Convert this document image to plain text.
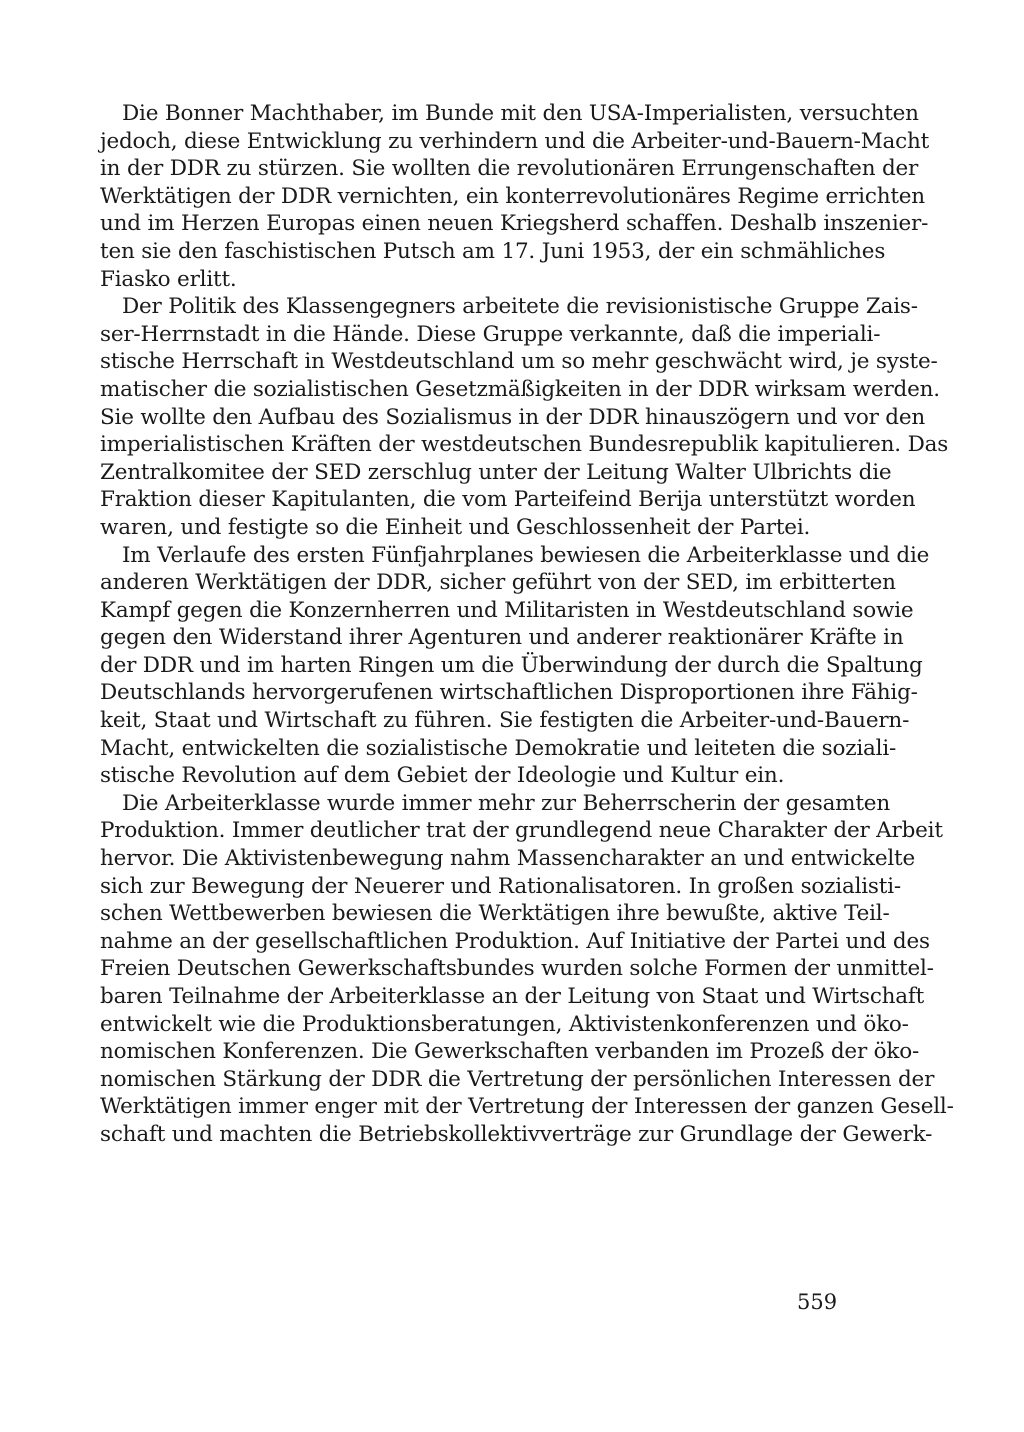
Die Bonner Machthaber, im Bunde mit den USA-Imperialisten, versuchten
jedoch, diese Entwicklung zu verhindern und die Arbeiter-und-Bauern-Macht
in der DDR zu stürzen. Sie wollten die revolutionären Errungenschaften der
Werktätigen der DDR vernichten, ein konterrevolutionäres Regime errichten
und im Herzen Europas einen neuen Kriegsherd schaffen. Deshalb inszenier-
ten sie den faschistischen Putsch am 17. Juni 1953, der ein schmähliches
Fiasko erlitt.
Der Politik des Klassengegners arbeitete die revisionistische Gruppe Zais-
ser-Herrnstadt in die Hände. Diese Gruppe verkannte, daß die imperiali-
stische Herrschaft in Westdeutschland um so mehr geschwächt wird, je syste-
matischer die sozialistischen Gesetzmäßigkeiten in der DDR wirksam werden.
Sie wollte den Aufbau des Sozialismus in der DDR hinauszögern und vor den
imperialistischen Kräften der westdeutschen Bundesrepublik kapitulieren. Das
Zentralkomitee der SED zerschlug unter der Leitung Walter Ulbrichts die
Fraktion dieser Kapitulanten, die vom Parteifeind Berija unterstützt worden
waren, und festigte so die Einheit und Geschlossenheit der Partei.
Im Verlaufe des ersten Fünfjahrplanes bewiesen die Arbeiterklasse und die
anderen Werktätigen der DDR, sicher geführt von der SED, im erbitterten
Kampf gegen die Konzernherren und Militaristen in Westdeutschland sowie
gegen den Widerstand ihrer Agenturen und anderer reaktionärer Kräfte in
der DDR und im harten Ringen um die Überwindung der durch die Spaltung
Deutschlands hervorgerufenen wirtschaftlichen Disproportionen ihre Fähig-
keit, Staat und Wirtschaft zu führen. Sie festigten die Arbeiter-und-Bauern-
Macht, entwickelten die sozialistische Demokratie und leiteten die soziali-
stische Revolution auf dem Gebiet der Ideologie und Kultur ein.
Die Arbeiterklasse wurde immer mehr zur Beherrscherin der gesamten
Produktion. Immer deutlicher trat der grundlegend neue Charakter der Arbeit
hervor. Die Aktivistenbewegung nahm Massencharakter an und entwickelte
sich zur Bewegung der Neuerer und Rationalisatoren. In großen sozialisti-
schen Wettbewerben bewiesen die Werktätigen ihre bewußte, aktive Teil-
nahme an der gesellschaftlichen Produktion. Auf Initiative der Partei und des
Freien Deutschen Gewerkschaftsbundes wurden solche Formen der unmittel-
baren Teilnahme der Arbeiterklasse an der Leitung von Staat und Wirtschaft
entwickelt wie die Produktionsberatungen, Aktivistenkonferenzen und öko-
nomischen Konferenzen. Die Gewerkschaften verbanden im Prozeß der öko-
nomischen Stärkung der DDR die Vertretung der persönlichen Interessen der
Werktätigen immer enger mit der Vertretung der Interessen der ganzen Gesell-
schaft und machten die Betriebskollektivverträge zur Grundlage der Gewerk-
559
